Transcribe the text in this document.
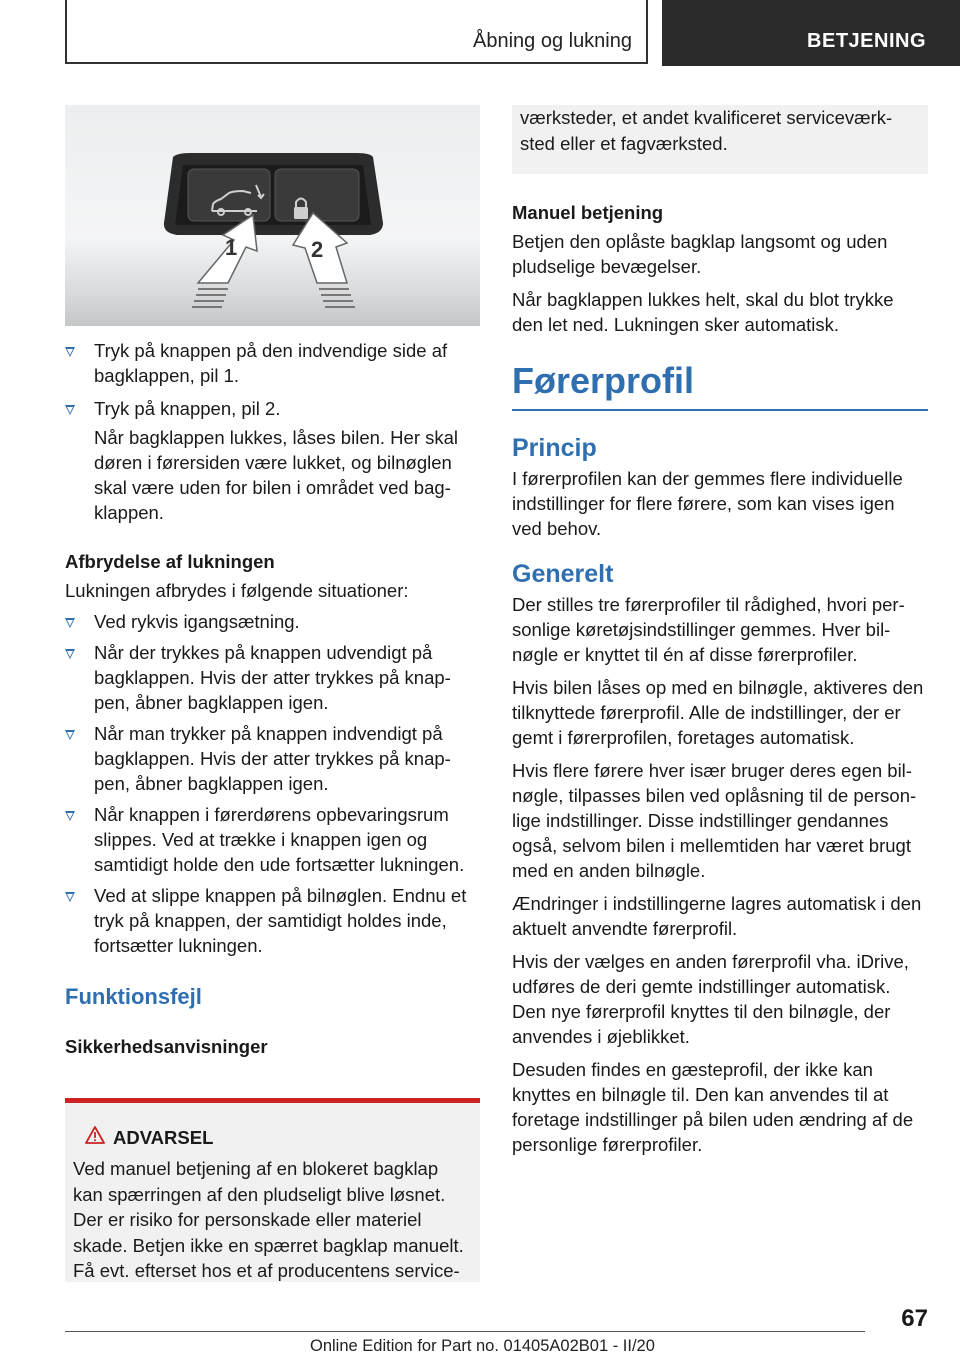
Åbning og lukning	BETJENING
1	2
Tryk på knappen på den indvendige side af bagklappen, pil 1.
Tryk på knappen, pil 2.
Når bagklappen lukkes, låses bilen. Her skal døren i førersiden være lukket, og bilnøglen skal være uden for bilen i området ved bag-klappen.
Afbrydelse af lukningen

Lukningen afbrydes i følgende situationer:

Ved rykvis igangsætning.
Når der trykkes på knappen udvendigt på bagklappen. Hvis der atter trykkes på knap-pen, åbner bagklappen igen.
Når man trykker på knappen indvendigt på bagklappen. Hvis der atter trykkes på knap-pen, åbner bagklappen igen.
Når knappen i førerdørens opbevaringsrum slippes. Ved at trække i knappen igen og samtidigt holde den ude fortsætter lukningen.
Ved at slippe knappen på bilnøglen. Endnu et tryk på knappen, der samtidigt holdes inde, fortsætter lukningen.
Funktionsfejl
Sikkerhedsanvisninger
ADVARSEL
Ved manuel betjening af en blokeret bagklap kan spærringen af den pludseligt blive løsnet. Der er risiko for personskade eller materiel skade. Betjen ikke en spærret bagklap manuelt. Få evt. efterset hos et af producentens service-
værksteder, et andet kvalificeret serviceværk-sted eller et fagværksted.
Manuel betjening

Betjen den oplåste bagklap langsomt og uden pludselige bevægelser.

Når bagklappen lukkes helt, skal du blot trykke den let ned. Lukningen sker automatisk.

Førerprofil
Princip

I førerprofilen kan der gemmes flere individuelle indstillinger for flere førere, som kan vises igen ved behov.

Generelt

Der stilles tre førerprofiler til rådighed, hvori per-sonlige køretøjsindstillinger gemmes. Hver bil-nøgle er knyttet til én af disse førerprofiler.

Hvis bilen låses op med en bilnøgle, aktiveres den tilknyttede førerprofil. Alle de indstillinger, der er gemt i førerprofilen, foretages automatisk.

Hvis flere førere hver især bruger deres egen bil-nøgle, tilpasses bilen ved oplåsning til de person-lige indstillinger. Disse indstillinger gendannes også, selvom bilen i mellemtiden har været brugt med en anden bilnøgle.

Ændringer i indstillingerne lagres automatisk i den aktuelt anvendte førerprofil.

Hvis der vælges en anden førerprofil vha. iDrive, udføres de deri gemte indstillinger automatisk. Den nye førerprofil knyttes til den bilnøgle, der anvendes i øjeblikket.

Desuden findes en gæsteprofil, der ikke kan knyttes en bilnøgle til. Den kan anvendes til at foretage indstillinger på bilen uden ændring af de personlige førerprofiler.

67
Online Edition for Part no. 01405A02B01 - II/20
